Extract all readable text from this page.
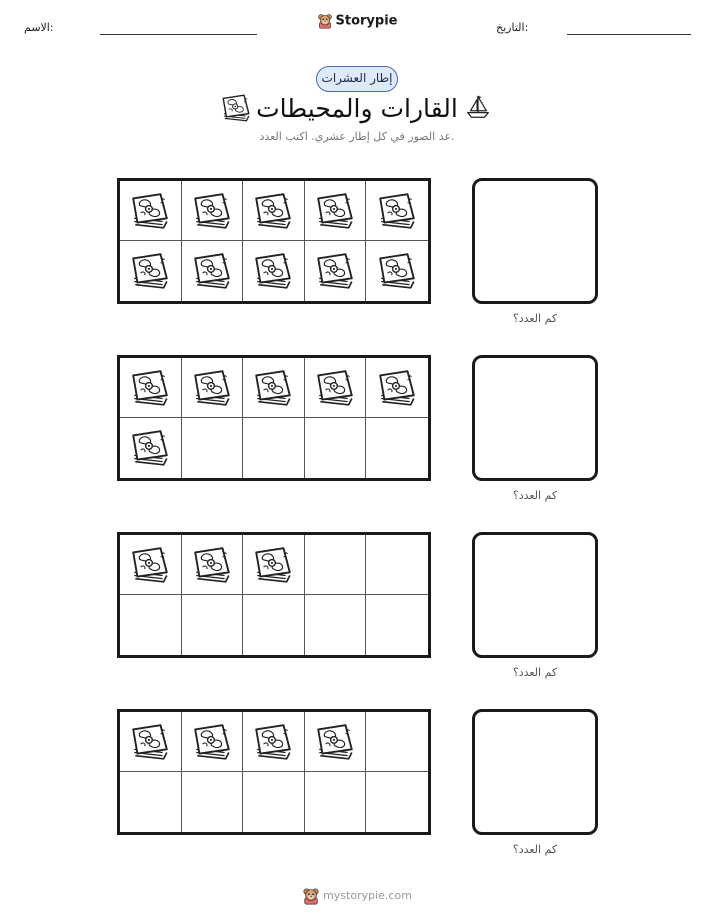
الاسم:	التاريخ:
Storypie
إطار العشرات
القارات والمحيطات
عد الصور في كل إطار عشري. اكتب العدد.
كم العدد؟
كم العدد؟
كم العدد؟
كم العدد؟
mystorypie.com
